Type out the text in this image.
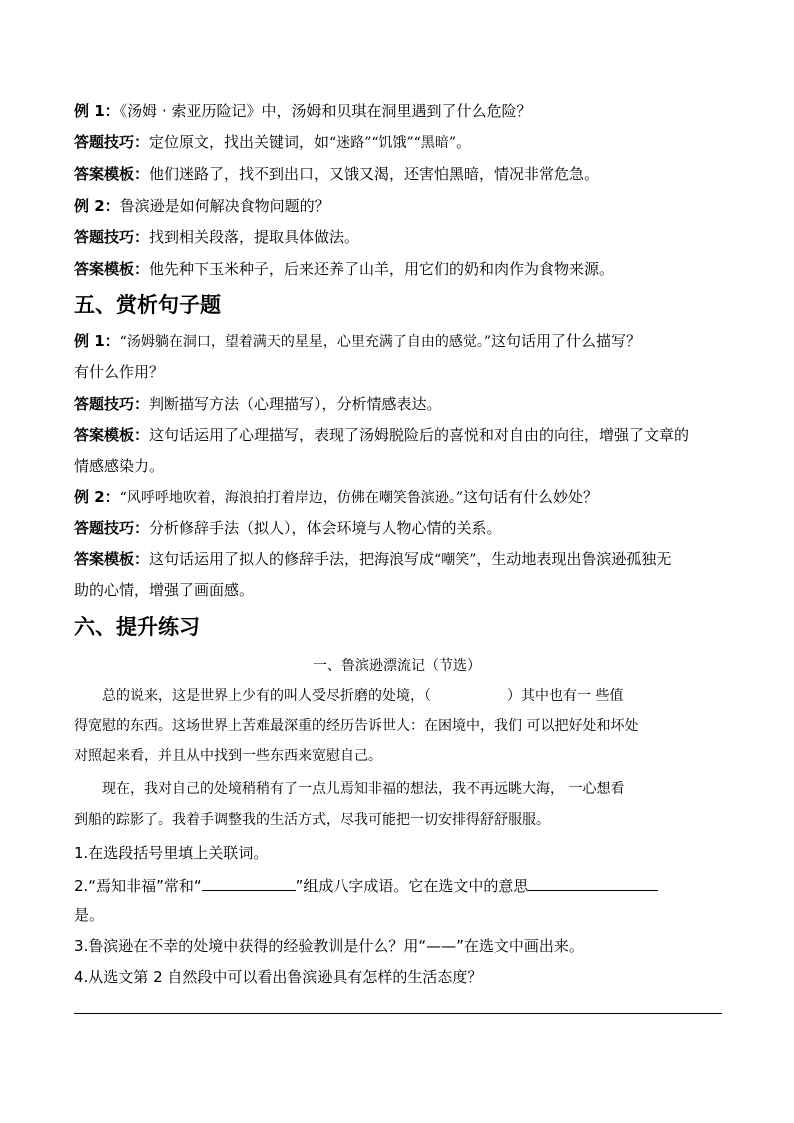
例 1：《汤姆 · 索亚历险记》中，汤姆和贝琪在洞里遇到了什么危险？
答题技巧：定位原文，找出关键词，如“迷路”“饥饿”“黑暗”。
答案模板：他们迷路了，找不到出口，又饿又渴，还害怕黑暗，情况非常危急。
例 2：鲁滨逊是如何解决食物问题的？
答题技巧：找到相关段落，提取具体做法。
答案模板：他先种下玉米种子，后来还养了山羊，用它们的奶和肉作为食物来源。
五、赏析句子题
例 1：“汤姆躺在洞口，望着满天的星星，心里充满了自由的感觉。”这句话用了什么描写？
有什么作用？
答题技巧：判断描写方法（心理描写），分析情感表达。
答案模板：这句话运用了心理描写，表现了汤姆脱险后的喜悦和对自由的向往，增强了文章的
情感感染力。
例 2：“风呼呼地吹着，海浪拍打着岸边，仿佛在嘲笑鲁滨逊。”这句话有什么妙处？
答题技巧：分析修辞手法（拟人），体会环境与人物心情的关系。
答案模板：这句话运用了拟人的修辞手法，把海浪写成“嘲笑”，生动地表现出鲁滨逊孤独无
助的心情，增强了画面感。
六、提升练习
一、鲁滨逊漂流记（节选）
总的说来，这是世界上少有的叫人受尽折磨的处境，（	）其中也有一 些值
得宽慰的东西。这场世界上苦难最深重的经历告诉世人：在困境中，我们 可以把好处和坏处
对照起来看，并且从中找到一些东西来宽慰自己。
现在，我对自己的处境稍稍有了一点儿焉知非福的想法，我不再远眺大海， 一心想看
到船的踪影了。我着手调整我的生活方式，尽我可能把一切安排得舒舒服服。
1.在选段括号里填上关联词。
2.“焉知非福”常和“	”组成八字成语。它在选文中的意思
是。
3.鲁滨逊在不幸的处境中获得的经验教训是什么？用“——”在选文中画出来。
4.从选文第 2 自然段中可以看出鲁滨逊具有怎样的生活态度？
